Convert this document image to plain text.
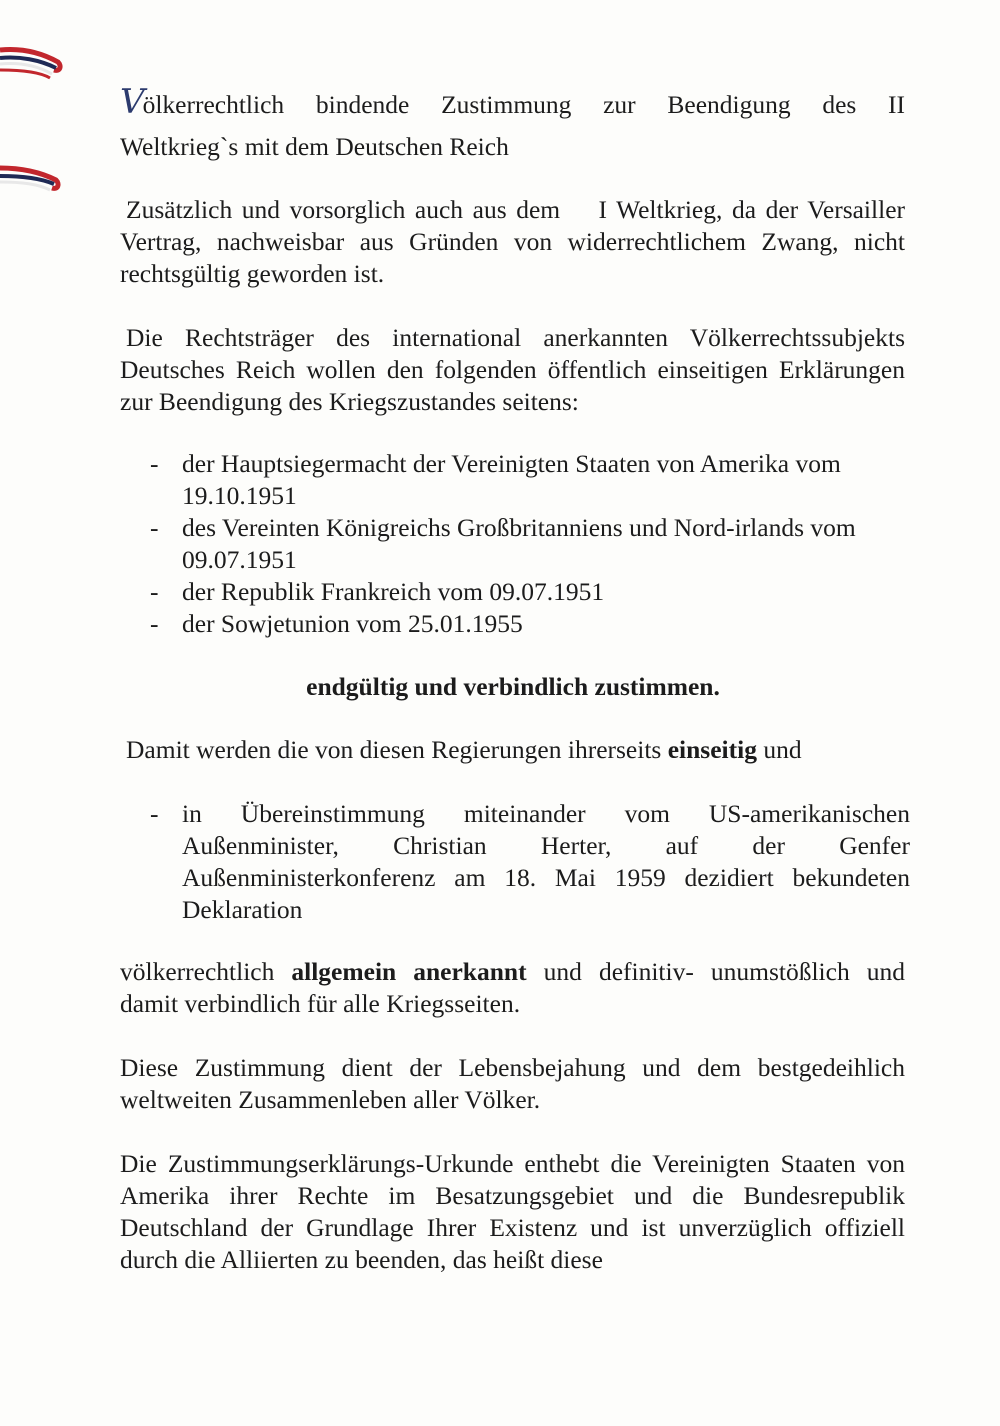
Völkerrechtlich bindende Zustimmung zur Beendigung des II
Weltkrieg`s mit dem Deutschen Reich
Zusätzlich und vorsorglich auch aus dem    I Weltkrieg, da der Versailler Vertrag, nachweisbar aus Gründen von widerrechtlichem Zwang, nicht rechtsgültig geworden ist.
Die Rechtsträger des international anerkannten Völkerrechtssubjekts Deutsches Reich wollen den folgenden öffentlich einseitigen Erklärungen zur Beendigung des Kriegszustandes seitens:
- der Hauptsiegermacht der Vereinigten Staaten von Amerika vom 19.10.1951
- des Vereinten Königreichs Großbritanniens und Nord-irlands vom 09.07.1951
- der Republik Frankreich vom 09.07.1951
- der Sowjetunion vom 25.01.1955
endgültig und verbindlich zustimmen.
Damit werden die von diesen Regierungen ihrerseits einseitig und
- in Übereinstimmung miteinander vom US-amerikanischen Außenminister, Christian Herter, auf der Genfer Außenministerkonferenz am 18. Mai 1959 dezidiert bekundeten Deklaration
völkerrechtlich allgemein anerkannt und definitiv- unumstößlich und damit verbindlich für alle Kriegsseiten.
Diese Zustimmung dient der Lebensbejahung und dem bestgedeihlich weltweiten Zusammenleben aller Völker.
Die Zustimmungserklärungs-Urkunde enthebt die Vereinigten Staaten von Amerika ihrer Rechte im Besatzungsgebiet und die Bundesrepublik Deutschland der Grundlage Ihrer Existenz und ist unverzüglich offiziell durch die Alliierten zu beenden, das heißt diese
